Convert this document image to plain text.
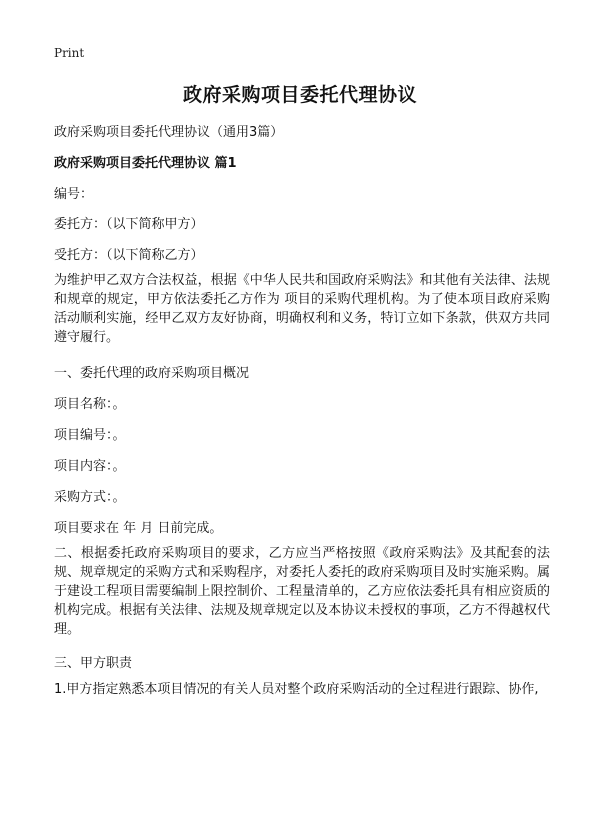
Print
政府采购项目委托代理协议
政府采购项目委托代理协议（通用3篇）
政府采购项目委托代理协议 篇1
编号：
委托方：（以下简称甲方）
受托方：（以下简称乙方）
为维护甲乙双方合法权益，根据《中华人民共和国政府采购法》和其他有关法律、法规和规章的规定，甲方依法委托乙方作为 项目的采购代理机构。为了使本项目政府采购活动顺利实施，经甲乙双方友好协商，明确权利和义务，特订立如下条款，供双方共同遵守履行。
一、委托代理的政府采购项目概况
项目名称：。
项目编号：。
项目内容：。
采购方式：。
项目要求在 年 月 日前完成。
二、根据委托政府采购项目的要求，乙方应当严格按照《政府采购法》及其配套的法规、规章规定的采购方式和采购程序，对委托人委托的政府采购项目及时实施采购。属于建设工程项目需要编制上限控制价、工程量清单的，乙方应依法委托具有相应资质的机构完成。根据有关法律、法规及规章规定以及本协议未授权的事项，乙方不得越权代理。
三、甲方职责
1.甲方指定熟悉本项目情况的有关人员对整个政府采购活动的全过程进行跟踪、协作,
